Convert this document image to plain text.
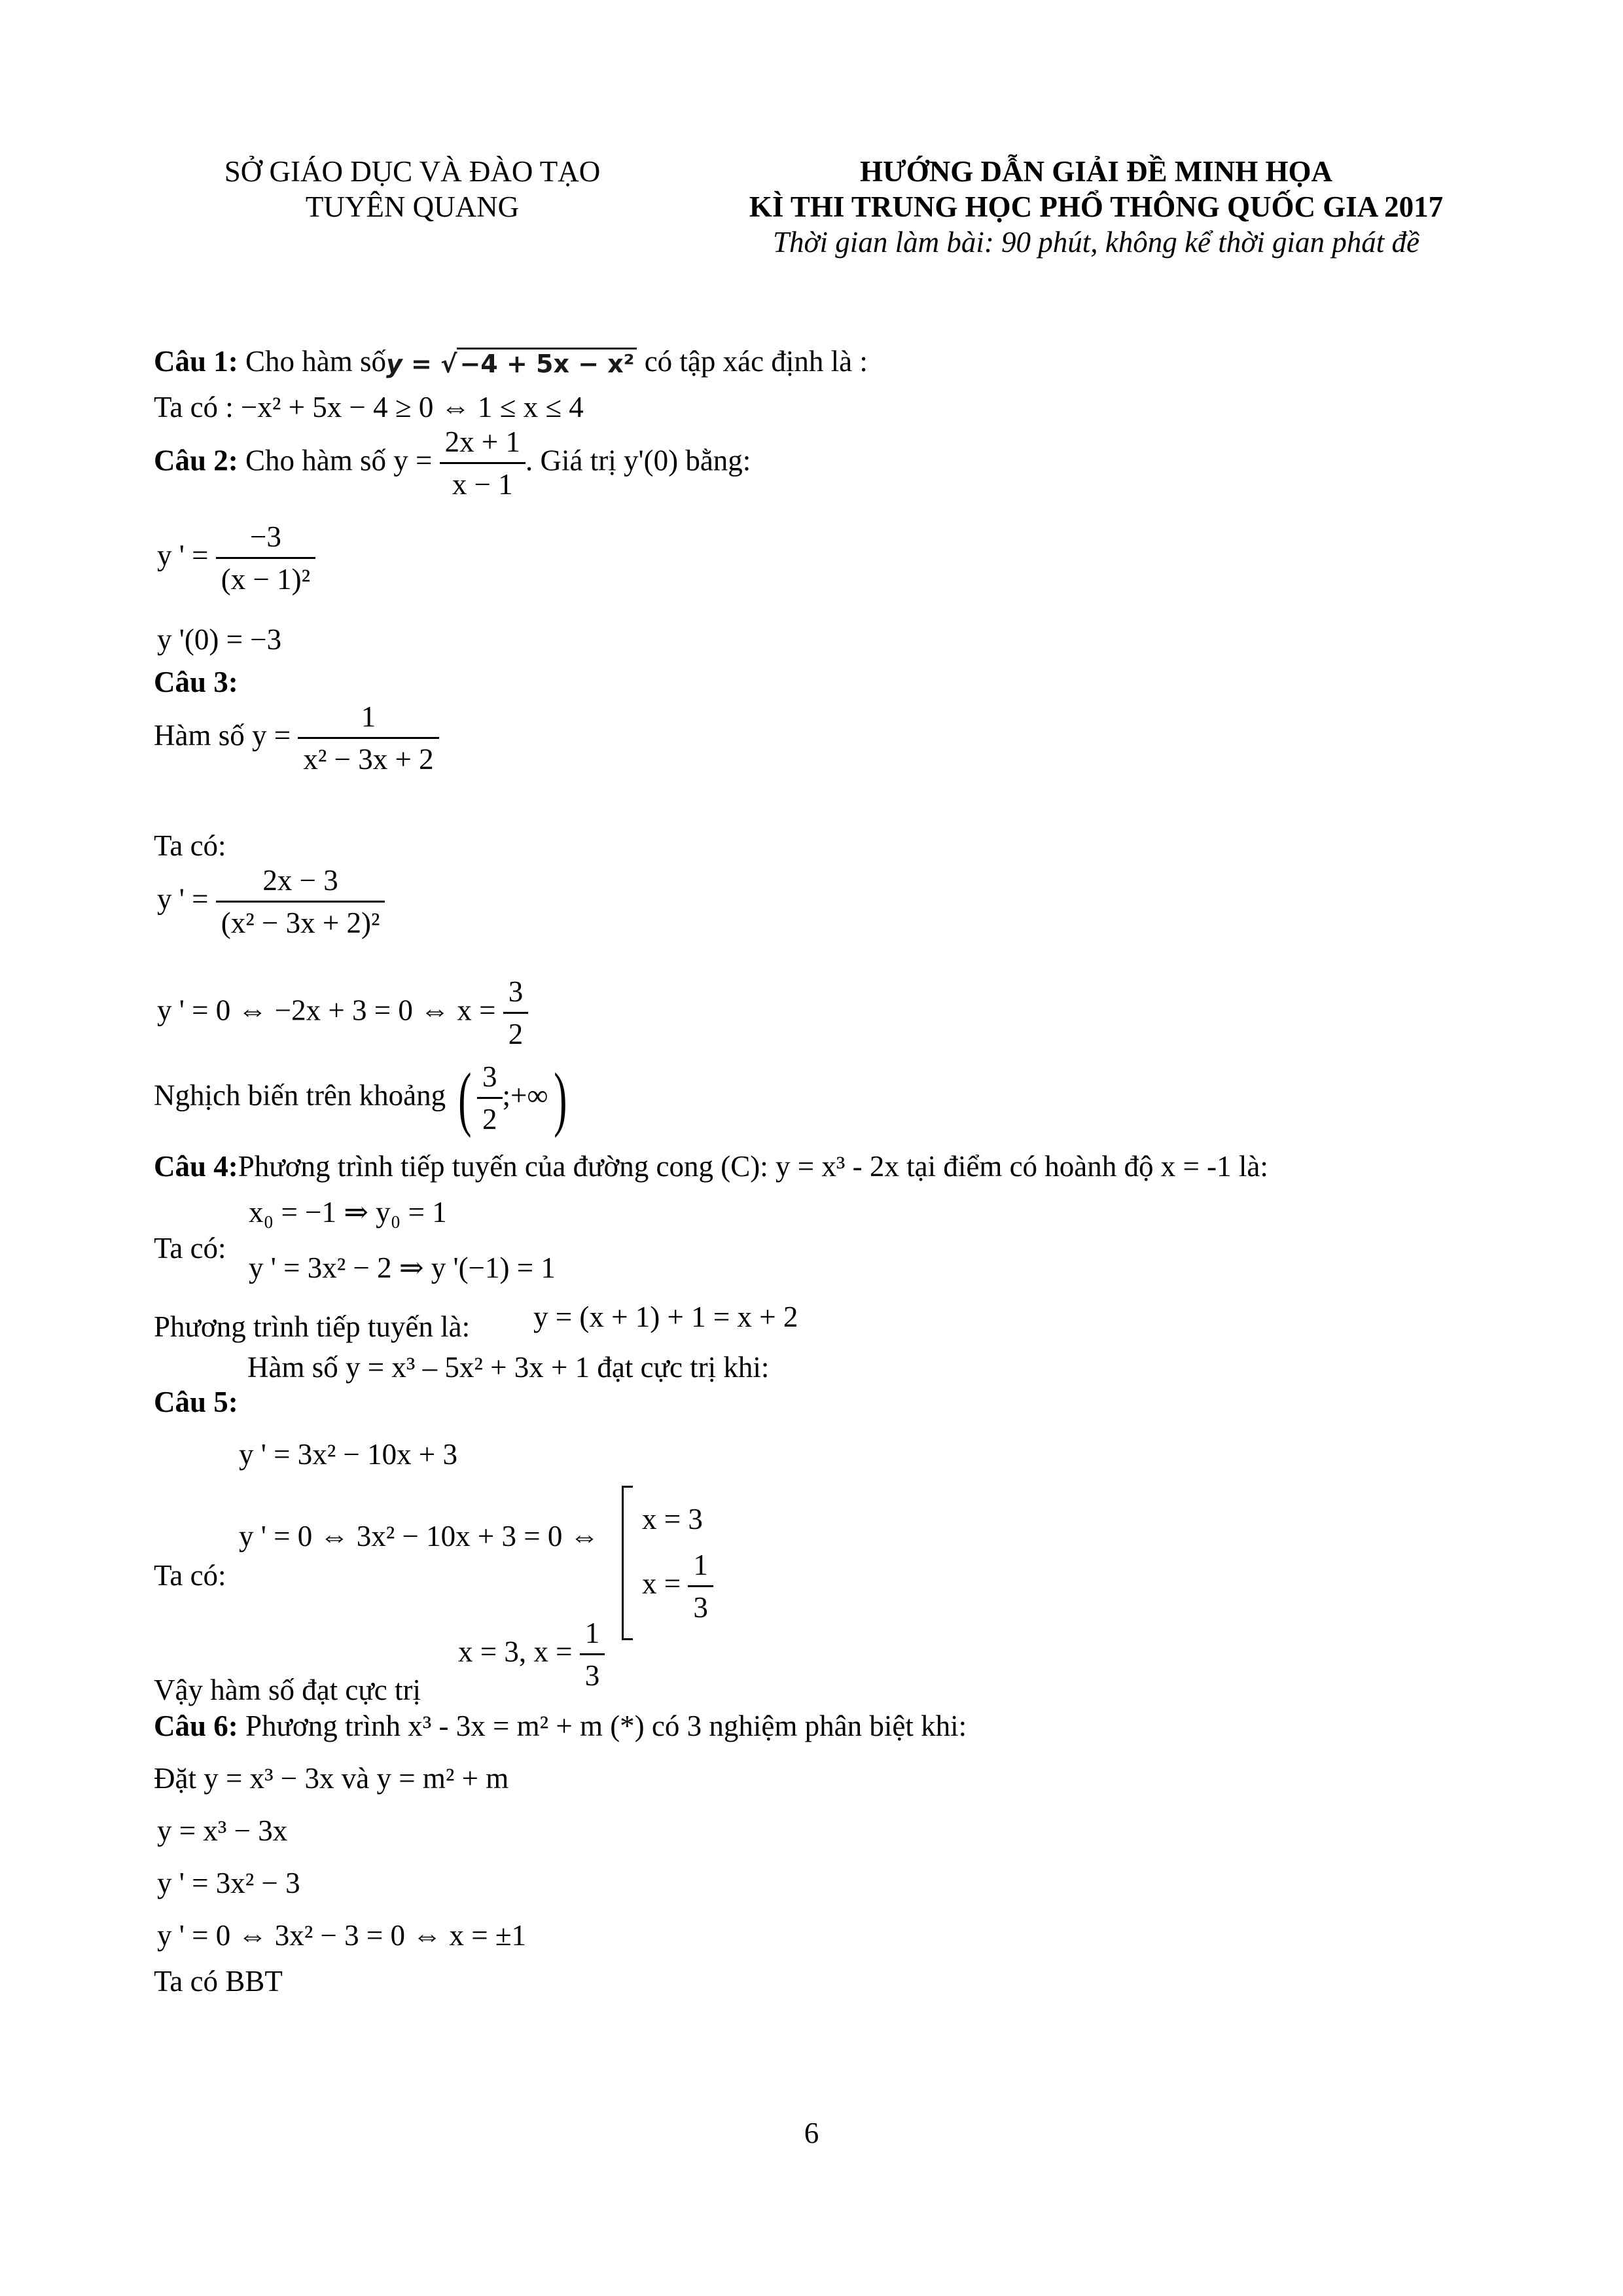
SỞ GIÁO DỤC VÀ ĐÀO TẠO
TUYÊN QUANG
HƯỚNG DẪN GIẢI ĐỀ MINH HỌA
KÌ THI TRUNG HỌC PHỔ THÔNG QUỐC GIA 2017
Thời gian làm bài: 90 phút, không kể thời gian phát đề
Câu 1: Cho hàm sốy = √ −4 + 5x − x² có tập xác định là :
Ta có : −x² + 5x − 4 ≥ 0 ⇔ 1 ≤ x ≤ 4
Câu 2: Cho hàm số $y = \frac{2x + 1}{x - 1}$ . Giá trị y'(0) bằng:
y ' = $\frac{-3}{\text{(x − 1)²}}$
y '(0) = −3
Câu 3:
Hàm số $y = \frac{1}{\text{x² − 3x + 2}}$
Ta có:
y ' = $\frac{2x - 3}{\text{(x² − 3x + 2)²}}$
y ' = 0 ⇔ −2x + 3 = 0 ⇔ $x = \frac{3}{2}$
Nghịch biến trên khoảng ( $\frac{3}{2}$ ;+∞)
Câu 4:Phương trình tiếp tuyến của đường cong (C): y = x³ - 2x tại điểm có hoành độ x = -1 là:
Ta có:
x₀ = −1 ⇒ y₀ = 1
y ' = 3x² − 2 ⇒ y '(−1) = 1
Phương trình tiếp tuyến là: y = (x + 1) + 1 = x + 2
Hàm số y = x³ – 5x² + 3x + 1 đạt cực trị khi:
Câu 5:
y ' = 3x² − 10x + 3
Ta có:
y ' = 0 ⇔ 3x² − 10x + 3 = 0 ⇔
x = 3
$x = \frac{1}{3}$
Vậy hàm số đạt cực trị
x = 3, $x = \frac{1}{3}$
Câu 6: Phương trình x³ - 3x = m² + m (*) có 3 nghiệm phân biệt khi:
Đặt y = x³ − 3x và y = m² + m
y = x³ − 3x
y ' = 3x² − 3
y ' = 0 ⇔ 3x² − 3 = 0 ⇔ x = ±1
Ta có BBT
6
